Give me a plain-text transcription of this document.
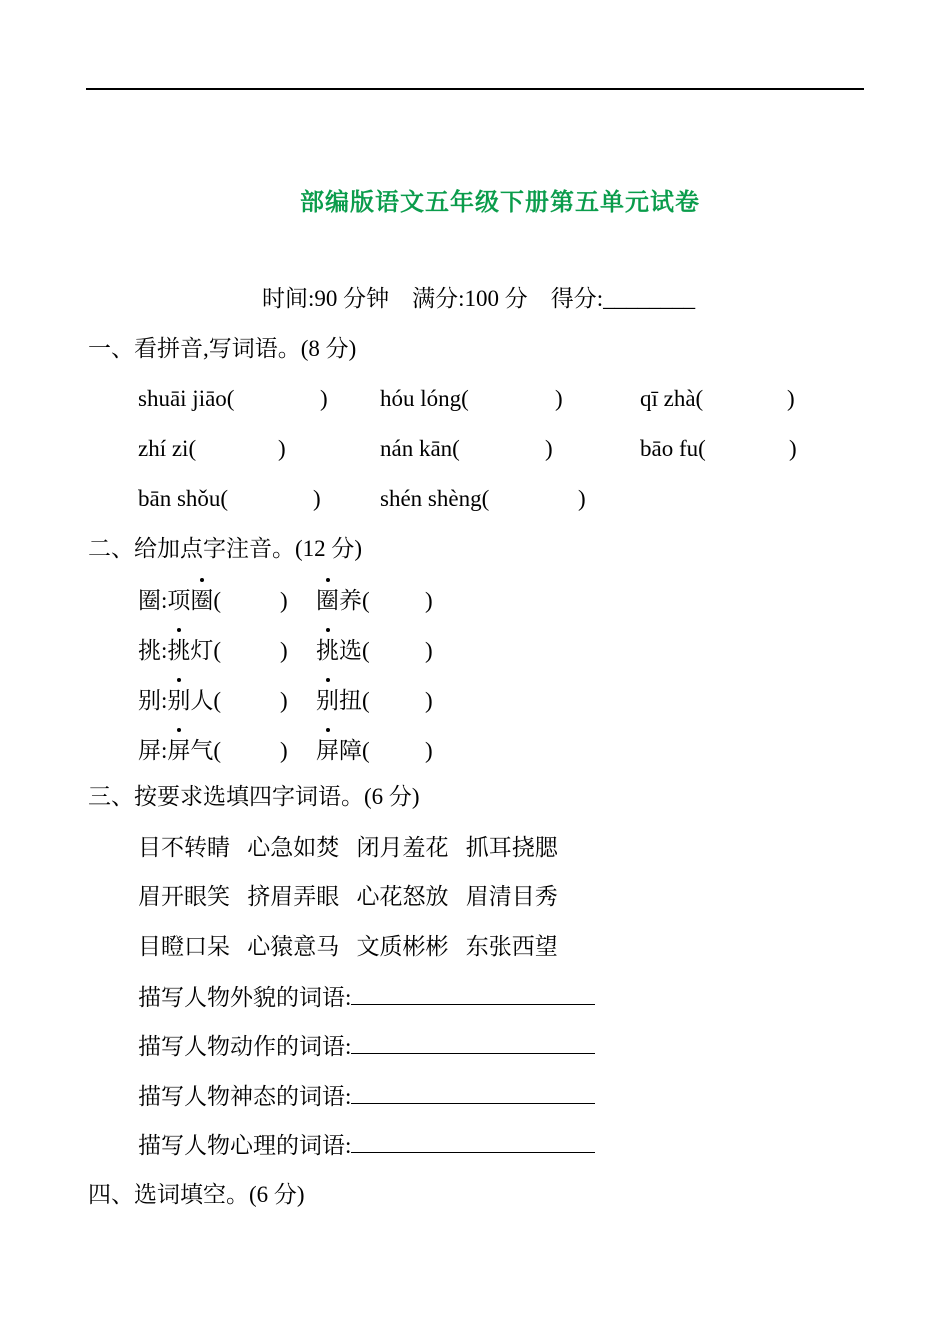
部编版语文五年级下册第五单元试卷
时间:90 分钟 满分:100 分 得分:________
一、看拼音,写词语。(8 分)
shuāi jiāo(	) hóu lóng(	)	qī zhà(	)
zhí zi(	)	nán kān(	)	bāo fu(	)
bān shǒu(	)	shén shèng(	)
二、给加点字注音。(12 分)
圈:项圈(	) 圈养( )
挑:挑灯(	) 挑选( )
别:别人(	) 别扭( )
屏:屏气(	) 屏障( )
三、按要求选填四字词语。(6 分)
目不转睛 心急如焚 闭月羞花 抓耳挠腮
眉开眼笑 挤眉弄眼 心花怒放 眉清目秀
目瞪口呆 心猿意马 文质彬彬 东张西望
描写人物外貌的词语:
描写人物动作的词语:
描写人物神态的词语:
描写人物心理的词语:
四、选词填空。(6 分)
